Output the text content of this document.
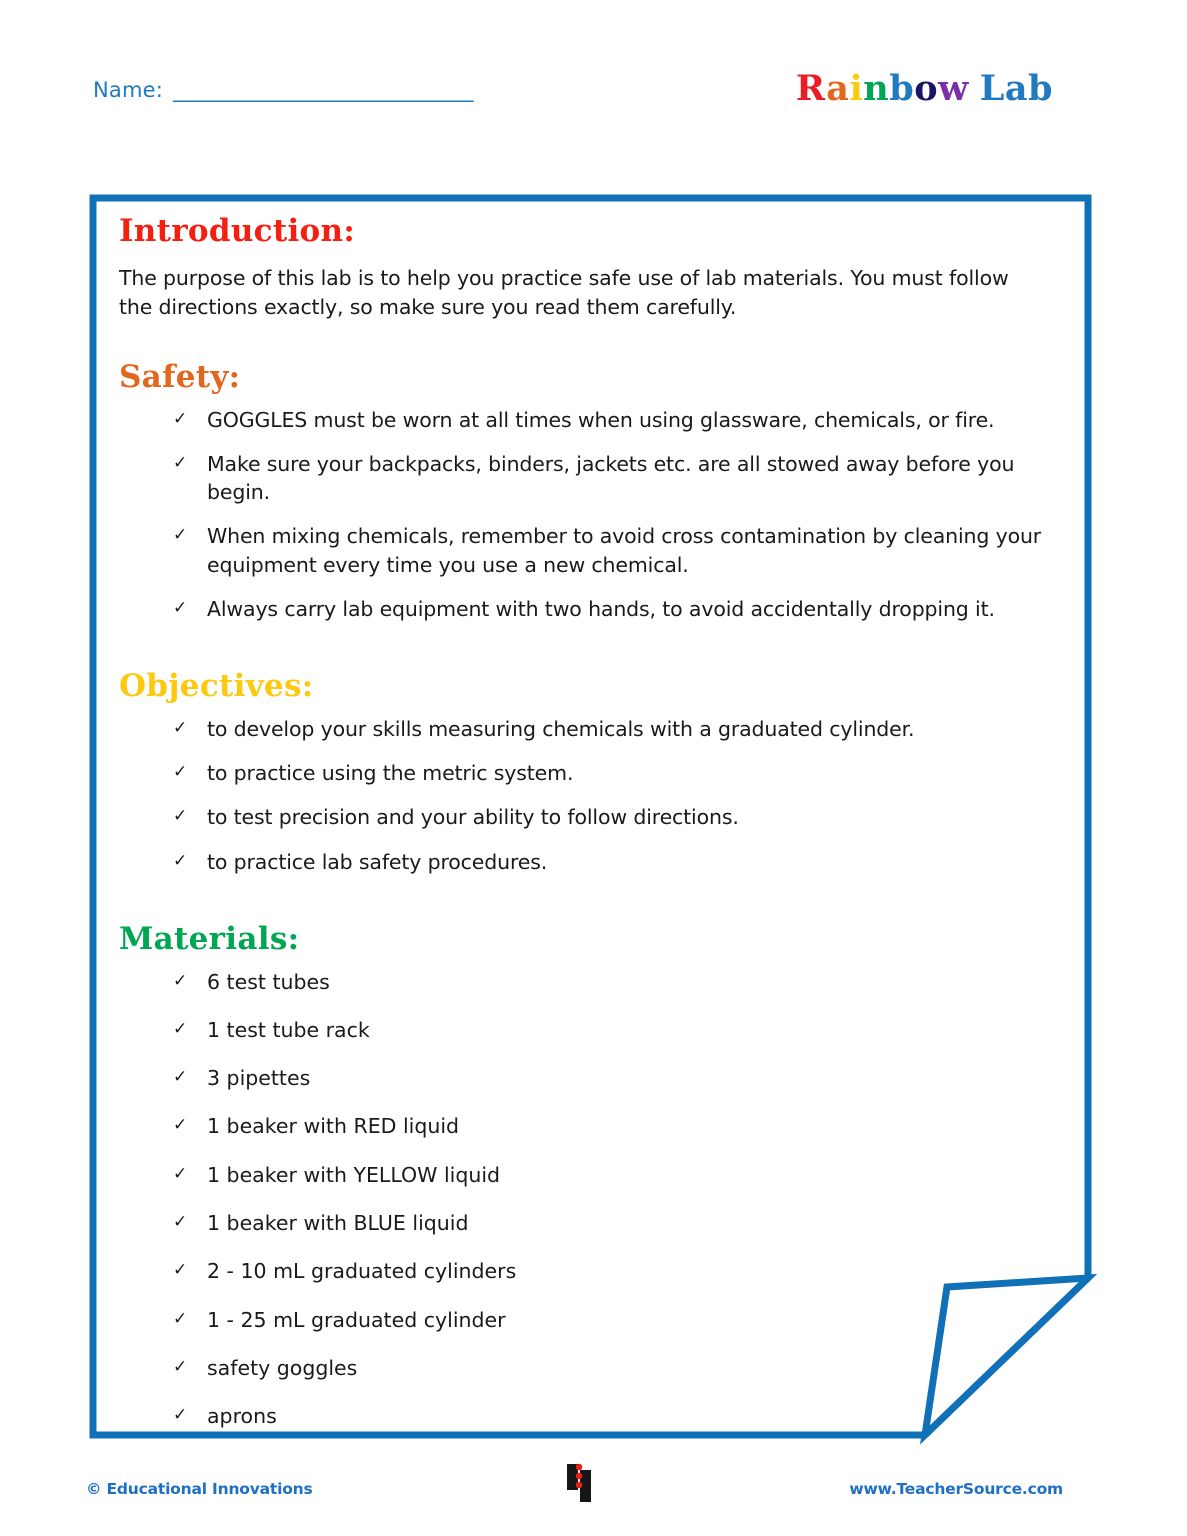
Name: ______________________________	Rainbow Lab
Introduction:

The purpose of this lab is to help you practice safe use of lab materials. You must follow the directions exactly, so make sure you read them carefully.

Safety:
✓ GOGGLES must be worn at all times when using glassware, chemicals, or fire.
✓ Make sure your backpacks, binders, jackets etc. are all stowed away before you begin.
✓ When mixing chemicals, remember to avoid cross contamination by cleaning your equipment every time you use a new chemical.
✓ Always carry lab equipment with two hands, to avoid accidentally dropping it.
Objectives:
✓ to develop your skills measuring chemicals with a graduated cylinder.
✓ to practice using the metric system.
✓ to test precision and your ability to follow directions.
✓ to practice lab safety procedures.
Materials:
✓ 6 test tubes
✓ 1 test tube rack
✓ 3 pipettes
✓ 1 beaker with RED liquid
✓ 1 beaker with YELLOW liquid
✓ 1 beaker with BLUE liquid
✓ 2 - 10 mL graduated cylinders
✓ 1 - 25 mL graduated cylinder
✓ safety goggles
✓ aprons
© Educational Innovations	www.TeacherSource.com
